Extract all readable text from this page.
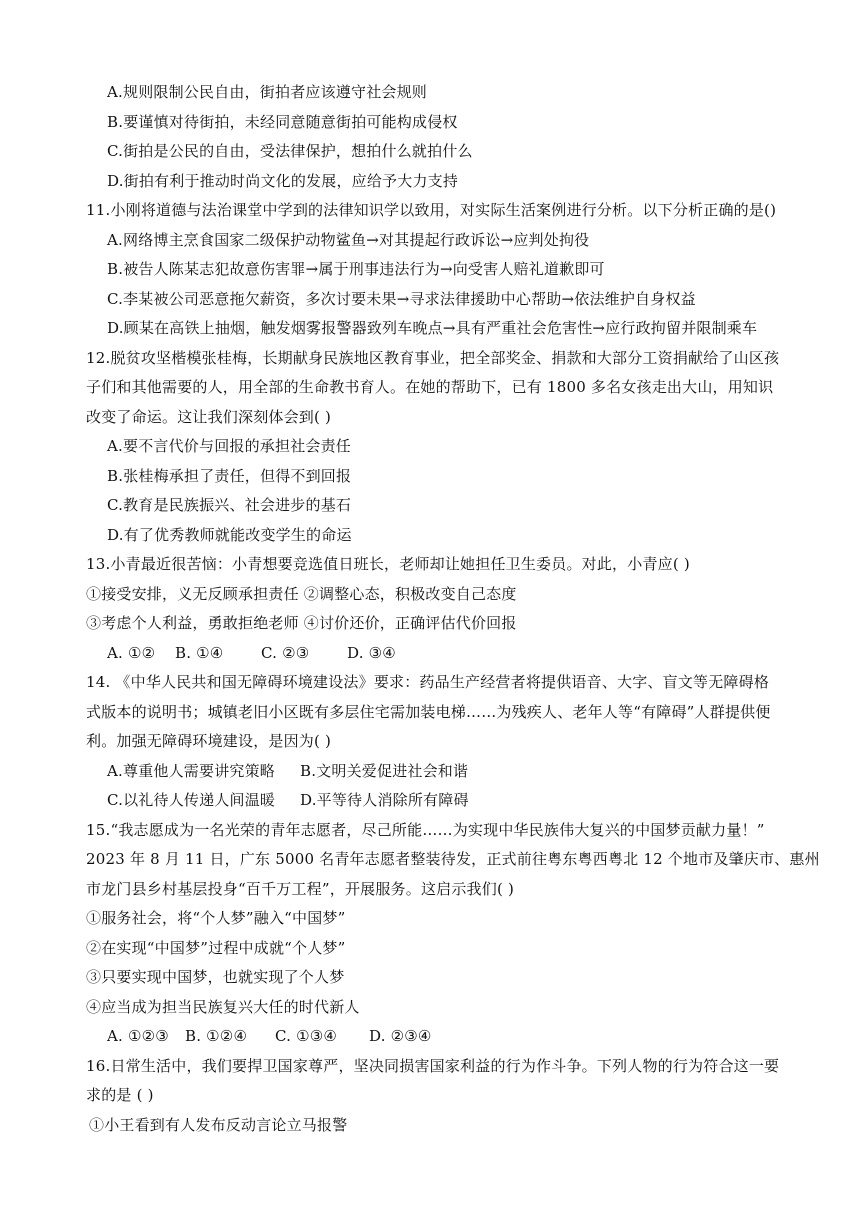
A.规则限制公民自由，街拍者应该遵守社会规则
B.要谨慎对待街拍，未经同意随意街拍可能构成侵权
C.街拍是公民的自由，受法律保护，想拍什么就拍什么
D.街拍有利于推动时尚文化的发展，应给予大力支持
11.小刚将道德与法治课堂中学到的法律知识学以致用，对实际生活案例进行分析。以下分析正确的是()
A.网络博主烹食国家二级保护动物鲨鱼→对其提起行政诉讼→应判处拘役
B.被告人陈某志犯故意伤害罪→属于刑事违法行为→向受害人赔礼道歉即可
C.李某被公司恶意拖欠薪资，多次讨要未果→寻求法律援助中心帮助→依法维护自身权益
D.顾某在高铁上抽烟，触发烟雾报警器致列车晚点→具有严重社会危害性→应行政拘留并限制乘车
12.脱贫攻坚楷模张桂梅，长期献身民族地区教育事业，把全部奖金、捐款和大部分工资捐献给了山区孩
子们和其他需要的人，用全部的生命教书育人。在她的帮助下，已有 1800 多名女孩走出大山，用知识
改变了命运。这让我们深刻体会到( )
A.要不言代价与回报的承担社会责任
B.张桂梅承担了责任，但得不到回报
C.教育是民族振兴、社会进步的基石
D.有了优秀教师就能改变学生的命运
13.小青最近很苦恼：小青想要竞选值日班长，老师却让她担任卫生委员。对此，小青应( )
①接受安排，义无反顾承担责任 ②调整心态，积极改变自己态度
③考虑个人利益，勇敢拒绝老师 ④讨价还价，正确评估代价回报
A. ①② B. ①④	C. ②③	D. ③④
14. 《中华人民共和国无障碍环境建设法》要求：药品生产经营者将提供语音、大字、盲文等无障碍格
式版本的说明书；城镇老旧小区既有多层住宅需加装电梯……为残疾人、老年人等“有障碍”人群提供便
利。加强无障碍环境建设，是因为( )
A.尊重他人需要讲究策略 B.文明关爱促进社会和谐
C.以礼待人传递人间温暖 D.平等待人消除所有障碍
15.“我志愿成为一名光荣的青年志愿者，尽己所能……为实现中华民族伟大复兴的中国梦贡献力量！”
2023 年 8 月 11 日，广东 5000 名青年志愿者整装待发，正式前往粤东粤西粤北 12 个地市及肇庆市、惠州
市龙门县乡村基层投身“百千万工程”，开展服务。这启示我们( )
①服务社会，将“个人梦”融入“中国梦”
②在实现“中国梦”过程中成就“个人梦”
③只要实现中国梦，也就实现了个人梦
④应当成为担当民族复兴大任的时代新人
A. ①②③ B. ①②④ C. ①③④ D. ②③④
16.日常生活中，我们要捍卫国家尊严，坚决同损害国家利益的行为作斗争。下列人物的行为符合这一要
求的是 ( )
①小王看到有人发布反动言论立马报警
